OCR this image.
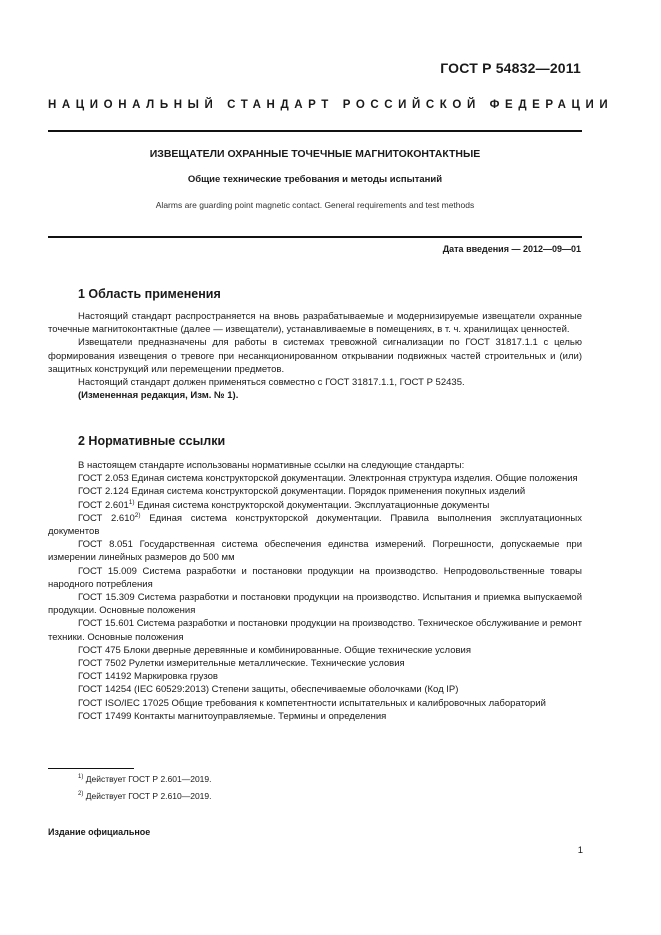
ГОСТ Р 54832—2011
НАЦИОНАЛЬНЫЙ СТАНДАРТ РОССИЙСКОЙ ФЕДЕРАЦИИ
ИЗВЕЩАТЕЛИ ОХРАННЫЕ ТОЧЕЧНЫЕ МАГНИТОКОНТАКТНЫЕ
Общие технические требования и методы испытаний
Alarms are guarding point magnetic contact. General requirements and test methods
Дата введения — 2012—09—01
1 Область применения

Настоящий стандарт распространяется на вновь разрабатываемые и модернизируемые извещатели охранные точечные магнитоконтактные (далее — извещатели), устанавливаемые в помещениях, в т. ч. хранилищах ценностей.

Извещатели предназначены для работы в системах тревожной сигнализации по ГОСТ 31817.1.1 с целью формирования извещения о тревоге при несанкционированном открывании подвижных частей строительных и (или) защитных конструкций или перемещении предметов.

Настоящий стандарт должен применяться совместно с ГОСТ 31817.1.1, ГОСТ Р 52435.

(Измененная редакция, Изм. № 1).

2 Нормативные ссылки

В настоящем стандарте использованы нормативные ссылки на следующие стандарты:

ГОСТ 2.053 Единая система конструкторской документации. Электронная структура изделия. Общие положения

ГОСТ 2.124 Единая система конструкторской документации. Порядок применения покупных изделий

ГОСТ 2.601$^{1)}$ Единая система конструкторской документации. Эксплуатационные документы

ГОСТ 2.610$^{2)}$ Единая система конструкторской документации. Правила выполнения эксплуатационных документов

ГОСТ 8.051 Государственная система обеспечения единства измерений. Погрешности, допускаемые при измерении линейных размеров до 500 мм

ГОСТ 15.009 Система разработки и постановки продукции на производство. Непродовольственные товары народного потребления

ГОСТ 15.309 Система разработки и постановки продукции на производство. Испытания и приемка выпускаемой продукции. Основные положения

ГОСТ 15.601 Система разработки и постановки продукции на производство. Техническое обслуживание и ремонт техники. Основные положения

ГОСТ 475 Блоки дверные деревянные и комбинированные. Общие технические условия

ГОСТ 7502 Рулетки измерительные металлические. Технические условия

ГОСТ 14192 Маркировка грузов

ГОСТ 14254 (IEC 60529:2013) Степени защиты, обеспечиваемые оболочками (Код IP)

ГОСТ ISO/IEC 17025 Общие требования к компетентности испытательных и калибровочных лабораторий

ГОСТ 17499 Контакты магнитоуправляемые. Термины и определения

$^{1)}$ Действует ГОСТ Р 2.601—2019.
$^{2)}$ Действует ГОСТ Р 2.610—2019.
Издание официальное
1
